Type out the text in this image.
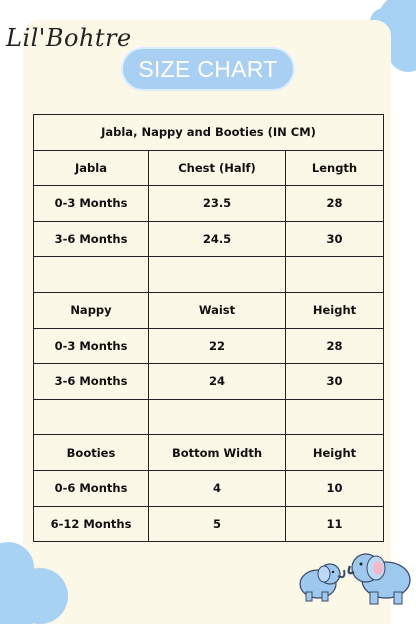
Lil'Bohtre
SIZE CHART
Jabla, Nappy and Booties (IN CM)		
Jabla	Chest (Half)	Length
0-3 Months	23.5	28
3-6 Months	24.5	30

Nappy	Waist	Height
0-3 Months	22	28
3-6 Months	24	30

Booties	Bottom Width	Height
0-6 Months	4	10
6-12 Months	5	11
